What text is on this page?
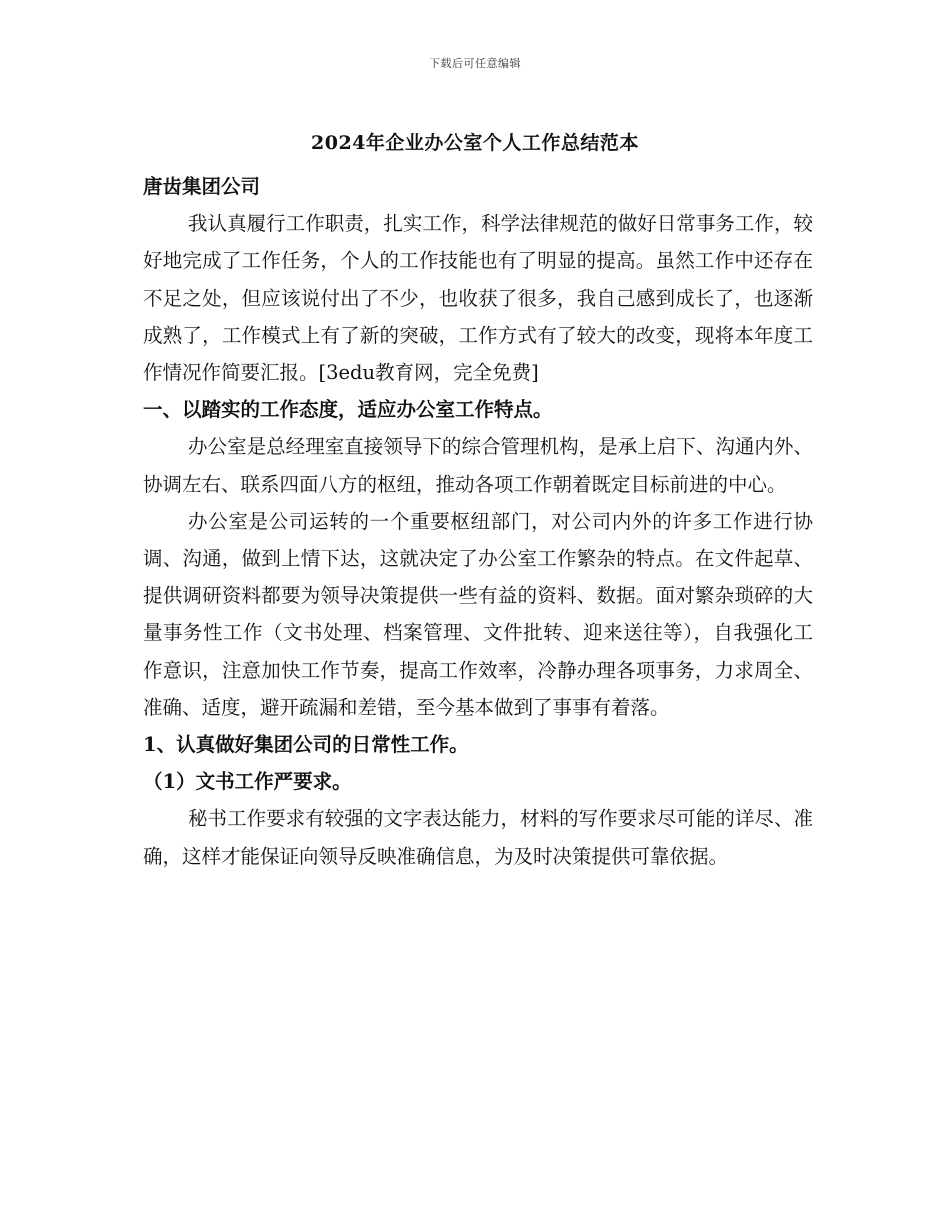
下载后可任意编辑
2024年企业办公室个人工作总结范本

唐齿集团公司

我认真履行工作职责，扎实工作，科学法律规范的做好日常事务工作，较好地完成了工作任务，个人的工作技能也有了明显的提高。虽然工作中还存在不足之处，但应该说付出了不少，也收获了很多，我自己感到成长了，也逐渐成熟了，工作模式上有了新的突破，工作方式有了较大的改变，现将本年度工作情况作简要汇报。[3edu教育网，完全免费]

一、以踏实的工作态度，适应办公室工作特点。

办公室是总经理室直接领导下的综合管理机构，是承上启下、沟通内外、协调左右、联系四面八方的枢纽，推动各项工作朝着既定目标前进的中心。

办公室是公司运转的一个重要枢纽部门，对公司内外的许多工作进行协调、沟通，做到上情下达，这就决定了办公室工作繁杂的特点。在文件起草、提供调研资料都要为领导决策提供一些有益的资料、数据。面对繁杂琐碎的大量事务性工作（文书处理、档案管理、文件批转、迎来送往等），自我强化工作意识，注意加快工作节奏，提高工作效率，冷静办理各项事务，力求周全、准确、适度，避开疏漏和差错，至今基本做到了事事有着落。

1、认真做好集团公司的日常性工作。

（1）文书工作严要求。

秘书工作要求有较强的文字表达能力，材料的写作要求尽可能的详尽、准确，这样才能保证向领导反映准确信息，为及时决策提供可靠依据。
